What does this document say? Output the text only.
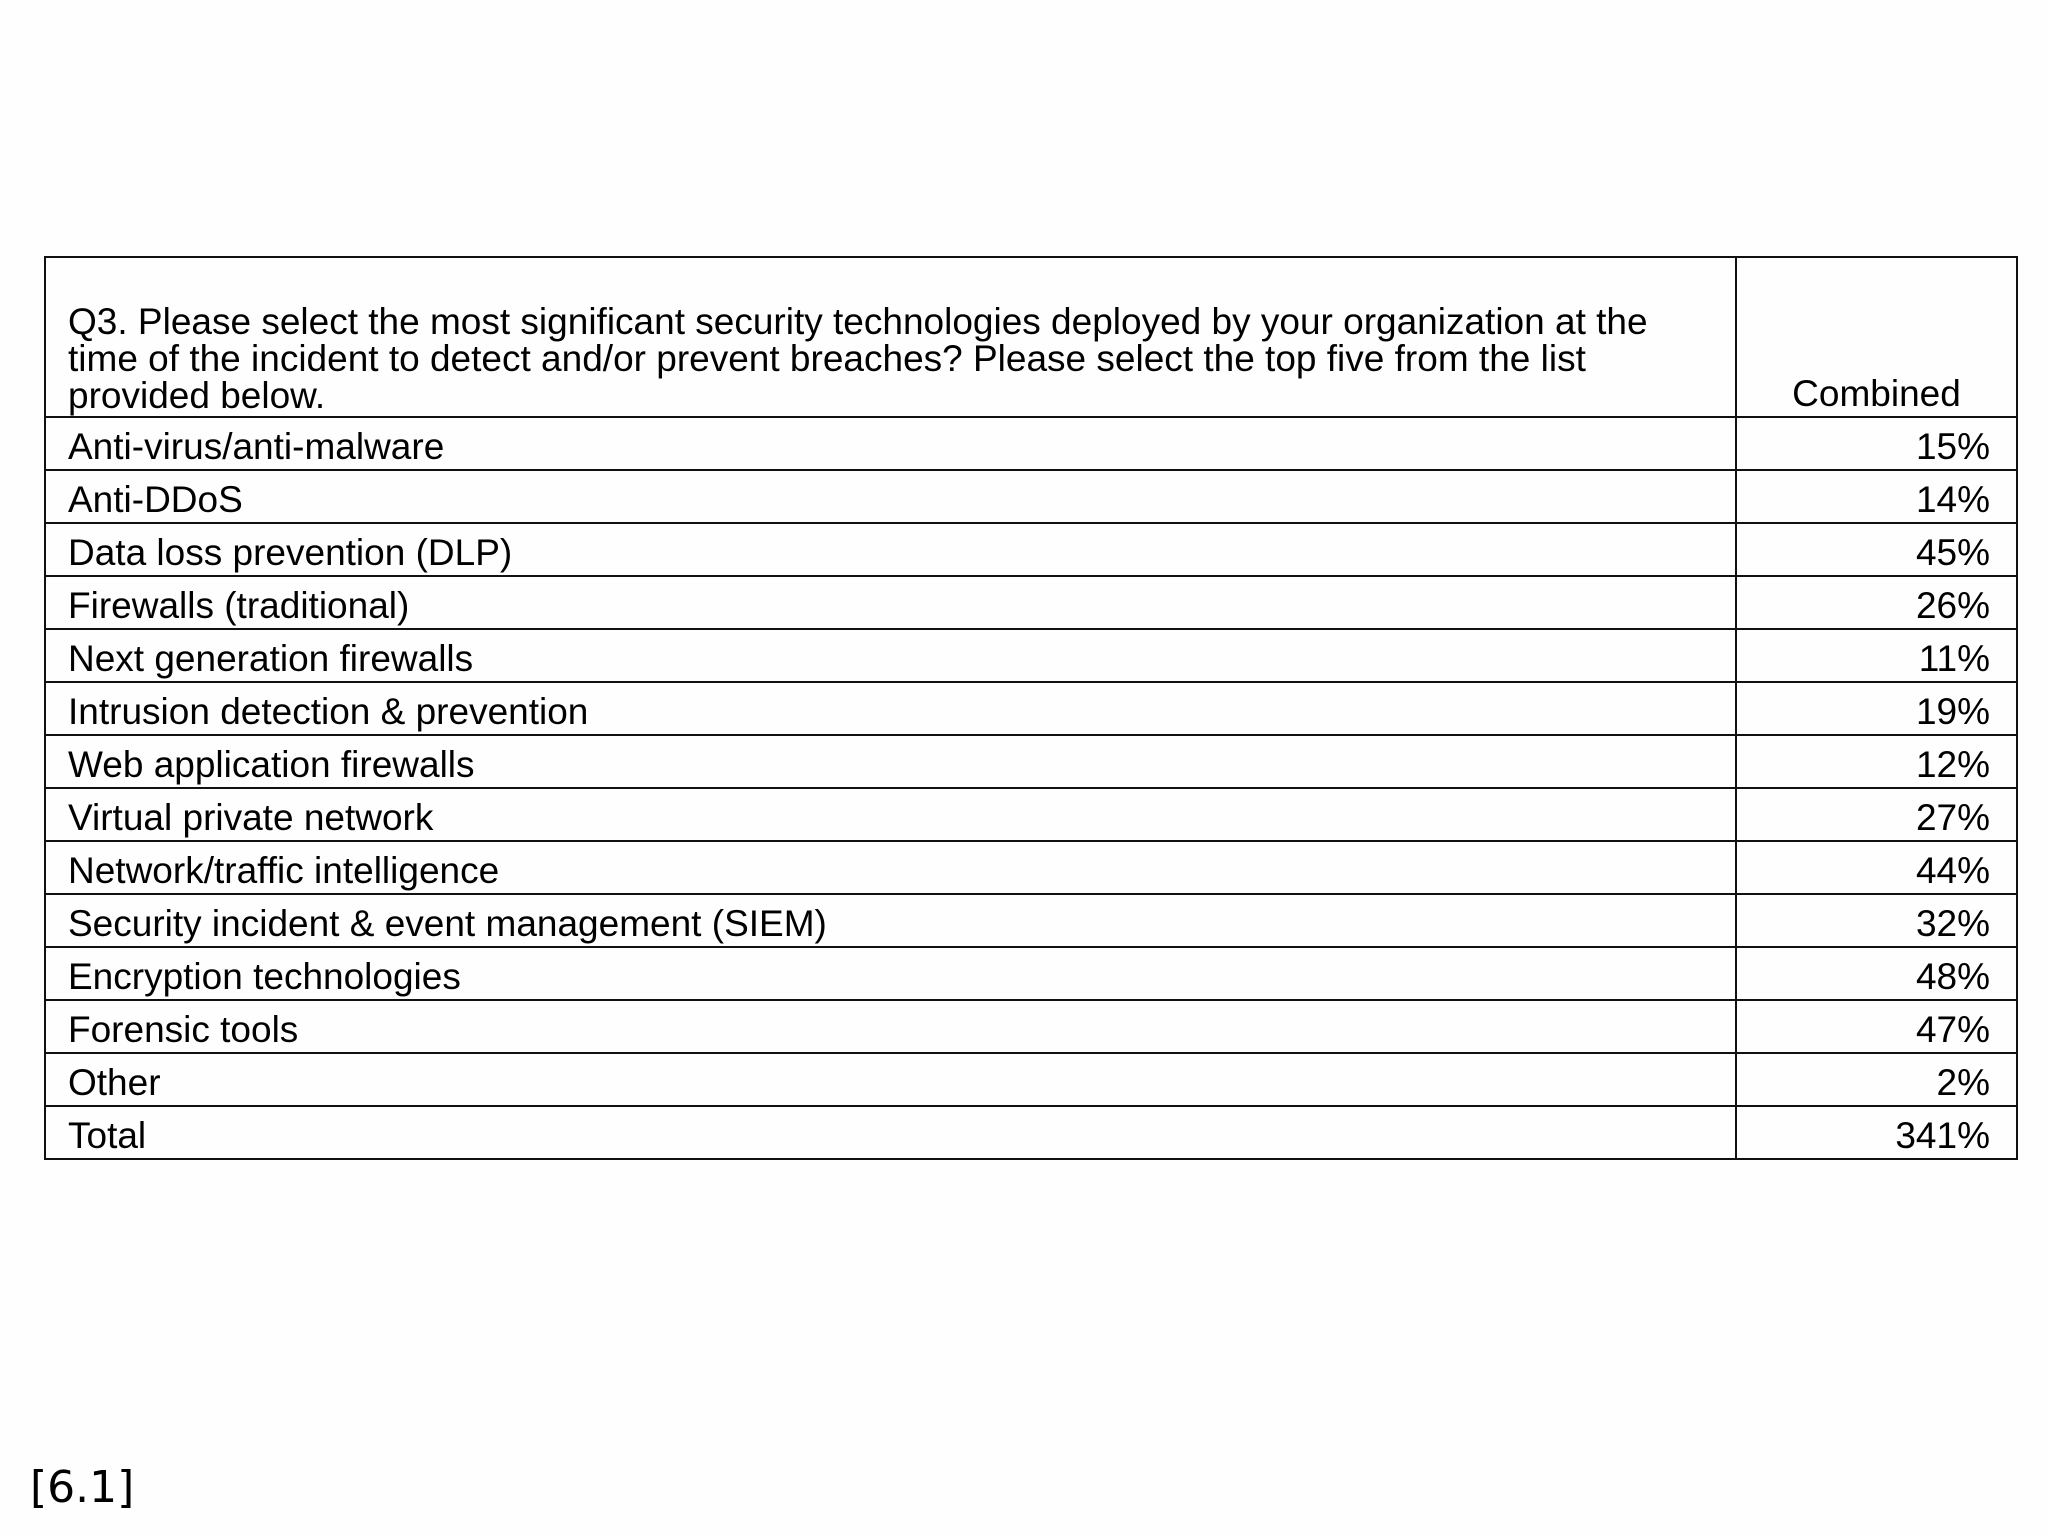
Q3. Please select the most significant security technologies deployed by your organization at the time of the incident to detect and/or prevent breaches? Please select the top five from the list provided below.	Combined
Anti-virus/anti-malware	15%
Anti-DDoS	14%
Data loss prevention (DLP)	45%
Firewalls (traditional)	26%
Next generation firewalls	11%
Intrusion detection & prevention	19%
Web application firewalls	12%
Virtual private network	27%
Network/traffic intelligence	44%
Security incident & event management (SIEM)	32%
Encryption technologies	48%
Forensic tools	47%
Other	2%
Total	341%
[6.1]
